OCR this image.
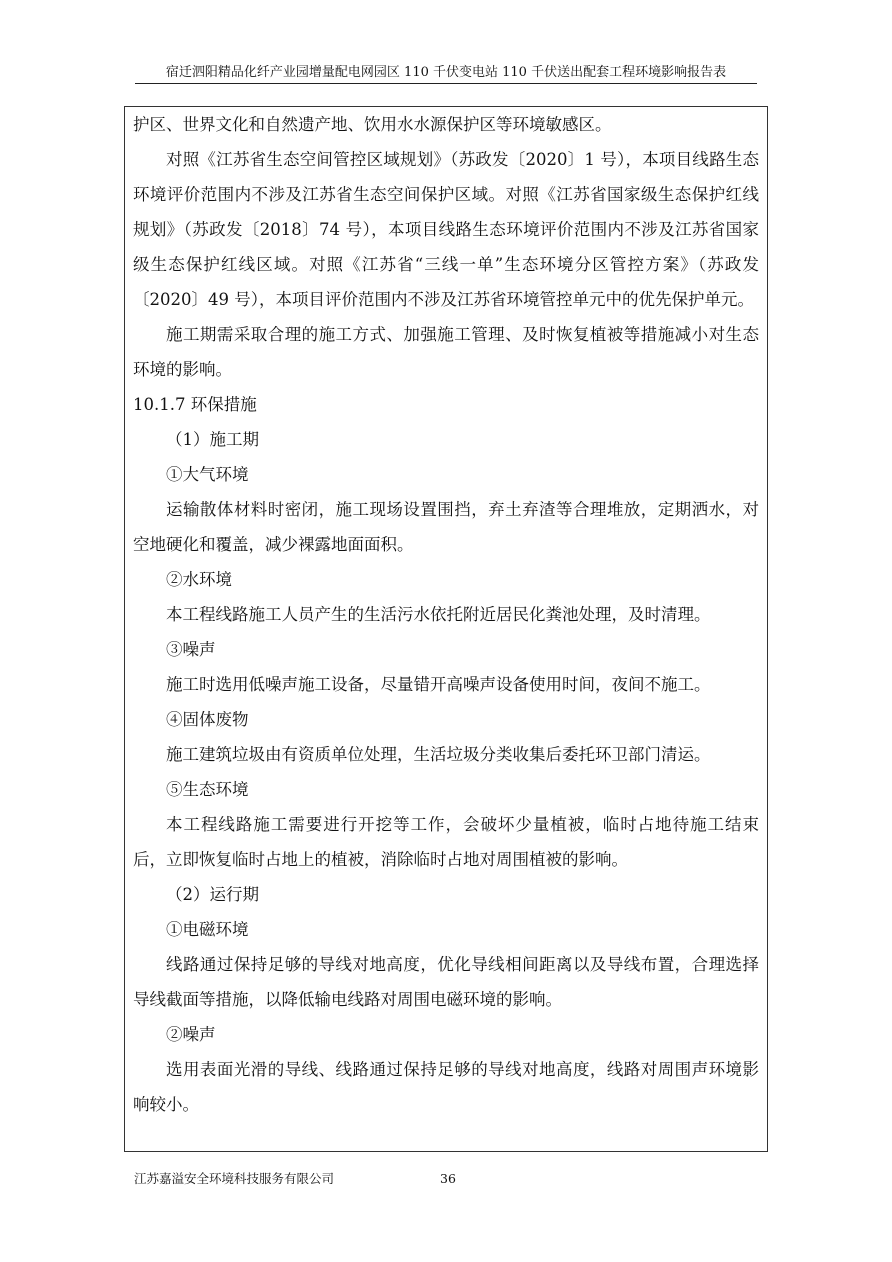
宿迁泗阳精品化纤产业园增量配电网园区 110 千伏变电站 110 千伏送出配套工程环境影响报告表

护区、世界文化和自然遗产地、饮用水水源保护区等环境敏感区。

对照《江苏省生态空间管控区域规划》（苏政发〔2020〕1 号），本项目线路生态环境评价范围内不涉及江苏省生态空间保护区域。对照《江苏省国家级生态保护红线规划》（苏政发〔2018〕74 号），本项目线路生态环境评价范围内不涉及江苏省国家级生态保护红线区域。对照《江苏省“三线一单”生态环境分区管控方案》（苏政发〔2020〕49 号），本项目评价范围内不涉及江苏省环境管控单元中的优先保护单元。

施工期需采取合理的施工方式、加强施工管理、及时恢复植被等措施减小对生态环境的影响。

10.1.7 环保措施

（1）施工期

①大气环境

运输散体材料时密闭，施工现场设置围挡，弃土弃渣等合理堆放，定期洒水，对空地硬化和覆盖，减少裸露地面面积。

②水环境

本工程线路施工人员产生的生活污水依托附近居民化粪池处理，及时清理。

③噪声

施工时选用低噪声施工设备，尽量错开高噪声设备使用时间，夜间不施工。

④固体废物

施工建筑垃圾由有资质单位处理，生活垃圾分类收集后委托环卫部门清运。

⑤生态环境

本工程线路施工需要进行开挖等工作，会破坏少量植被，临时占地待施工结束后，立即恢复临时占地上的植被，消除临时占地对周围植被的影响。

（2）运行期

①电磁环境

线路通过保持足够的导线对地高度，优化导线相间距离以及导线布置，合理选择导线截面等措施，以降低输电线路对周围电磁环境的影响。

②噪声

选用表面光滑的导线、线路通过保持足够的导线对地高度，线路对周围声环境影响较小。

江苏嘉溢安全环境科技服务有限公司	36
